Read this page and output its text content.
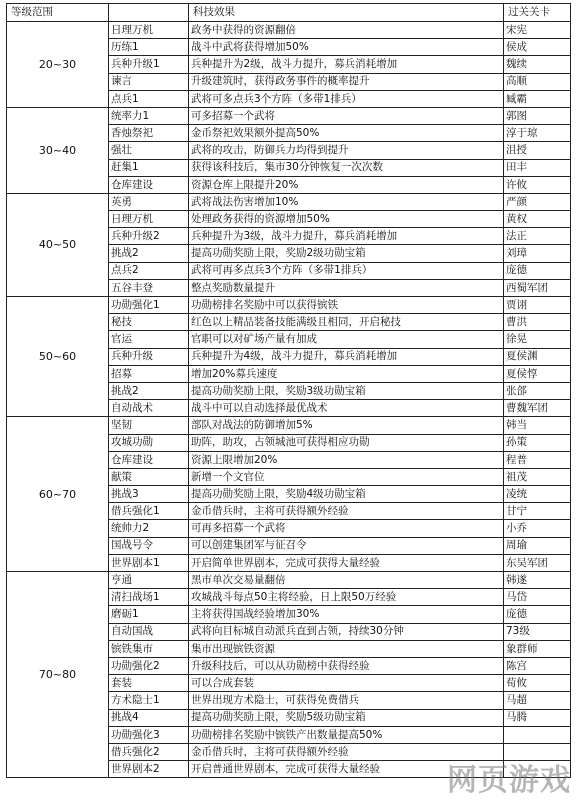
等级范围		科技效果	过关关卡
20~30	日理万机	政务中获得的资源翻倍	宋宪
	历练1	战斗中武将获得增加50%	侯成
	兵种升级1	兵种提升为2级，战斗力提升，募兵消耗增加	魏续
	谏言	升级建筑时，获得政务事件的概率提升	高顺
	点兵1	武将可多点兵3个方阵（多带1排兵）	臧霸
30~40	统率力1	可多招募一个武将	郭图
	香烛祭祀	金币祭祀效果额外提高50%	淳于琼
	强壮	武将的攻击，防御兵力均得到提升	沮授
	赶集1	获得该科技后，集市30分钟恢复一次次数	田丰
	仓库建设	资源仓库上限提升20%	许攸
40~50	英勇	武将战法伤害增加10%	严颜
	日理万机	处理政务获得的资源增加50%	黄权
	兵种升级2	兵种提升为3级，战斗力提升，募兵消耗增加	法正
	挑战2	提高功勋奖励上限，奖励2级功勋宝箱	刘璋
	点兵2	武将可再多点兵3个方阵（多带1排兵）	庞德
	五谷丰登	整点奖励数量提升	西蜀军团
50~60	功勋强化1	功勋榜排名奖励中可以获得镔铁	贾诩
	秘技	红色以上精品装备技能满级且相同，开启秘技	曹洪
	官运	官职可以对矿场产量有加成	徐晃
	兵种升级	兵种提升为4级，战斗力提升，募兵消耗增加	夏侯渊
	招募	增加20%募兵速度	夏侯惇
	挑战2	提高功勋奖励上限，奖励3级功勋宝箱	张郃
	自动战术	战斗中可以自动选择最优战术	曹魏军团
60~70	坚韧	部队对战法的防御增加5%	韩当
	攻城功勋	助阵，助攻，占领城池可获得相应功勋	孙策
	仓库建设	资源上限增加20%	程普
	献策	新增一个文官位	祖茂
	挑战3	提高功勋奖励上限，奖励4级功勋宝箱	凌统
	借兵强化1	金币借兵时，主将可获得额外经验	甘宁
	统帅力2	可再多招募一个武将	小乔
	国战号令	可以创建集团军与征召令	周瑜
	世界剧本1	开启简单世界剧本，完成可获得大量经验	东吴军团
70~80	亨通	黑市单次交易量翻倍	韩遂
	清扫战场1	攻城战斗每点50主将经验，日上限50万经验	马岱
	磨砺1	主将获得国战经验增加30%	庞德
	自动国战	武将向目标城自动派兵直到占领，持续30分钟	73级
	镔铁集市	集市出现镔铁资源	象群师
	功勋强化2	升级科技后，可以从功勋榜中获得经验	陈宫
	套装	可以合成套装	荀攸
	方术隐士1	世界出现方术隐士，可获得免费借兵	马超
	挑战4	提高功勋奖励上限，奖励5级功勋宝箱	马腾
	功勋强化3	功勋榜排名奖励中镔铁产出数量提高50%	
	借兵强化2	金币借兵时，主将可获得额外经验	
	世界剧本2	开启普通世界剧本，完成可获得大量经验	网页游戏
